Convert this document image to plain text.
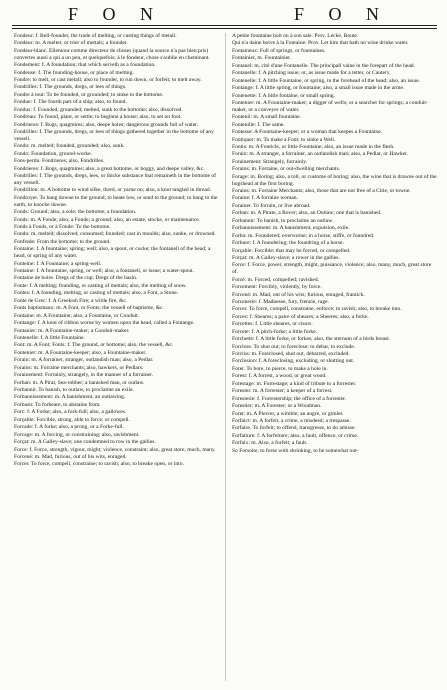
F O N	F O N

Fondeur: f. Bell-founder, the trade of melting, or casting things of metall.

Fondeur: m. A melter, or trier of mettals; a founder.

Fondeur-blanc. Ellemour comme directeur de choses (quand la source n'a pas bien pris) convertes aussi a qui a un peu, et quelquefois; à le fondeur, chose s'oublie en cheminant.

Fondement: f. A foundation; that which serveth as a foundation.

Fondeuse: f. The founding-house, or place of melting.

Fondre: to melt, or cast metall; also to founder, to run down, or forfeit; to melt away.

Fondrilles: f. The grounds, dregs, or lees of things.

Fondre à tout: To be founded, or grounded; to sinke to the bottome.

Fondue: f. The fourth part of a ship; also, to found.

Fondus: f. Founded, grounded; melted, sunk to the bottome; also, dissolved.

Fondreau: To found, plant, or settle; to beginne a house; also, to set on foot.

Fondrieres: f. Bogs, quagmires; also, deepe holes; dangerous grounds full of water.

Fondrilles: f. The grounds, dregs, or lees of things gathered together in the bottome of any vessell.

Fondu: m. melted; founded, grounded; also, sunk.

Fondo: Foundation, ground-worke.

Fons-perdu. Fondrieres; also, Fondrilles.

Fondrieres: f. Bogs, quagmires; also, a great bottome, or boggy, and deepe valley, &c.

Fondrilles: f. The grounds, dregs, lees, or thicke substance that remaineth in the bottome of any vessell.

Fondrillon: m. A bottome to wind silke, thred, or yarne on; also, a knot tangled in thread.

Fondroyer. To bang downe to the ground; to beate low, or send to the ground; to bang to the earth, to knocke downe.

Fonds: Ground; also, a sole; the bottome; a foundation.

Fonds: m. A Fonde; also, a Fonde; a ground; also, an estate, stocke, or maintenance.

Fonds à Fonds, or à Fonde: To the bottome.

Fondu: m. melted; dissolved; consumed; founded; cast in moulds; also, sunke, or drowned.

Fonfrede: From the bottome; to the ground.

Fontaine: f. A fountaine; spring; well; also, a spout, or cocke; the fontanell of the head; a head, or spring of any water.

Fonteine: f. A Fountaine; a spring-well.

Fontaine: f. A fountaine, spring, or well; also, a fontanell, or issue; a water-spout.

Fontaine de boire. Dregs of the cup; Dregs of the basin.

Fonte: f. A melting; founding, or casting of mettals; also, the melting of snow.

Fontes: f. A founding, melting, or casting of mettals; also, a Font, a Stone.

Fonte de Grec: f. A Greekish Fire; a wilde fire, &c.

Fonts baptismaux: m. A Font, or Fonts; the vessell of baptisme, &c.

Fontaine: m. A Fountaine; also, a Fountaine, or Conduit.

Fontange: f. A knot of ribbon worne by women upon the head, called a Fontange.

Fontanier: m. A Fountaine-maker; a Conduit-maker.

Fontenelle: f. A little Fountaine.

Font: m. A Font; Fonts: f. The ground, or bottome; also, the vessell, &c.

Fontenier: m. A Fountaine-keeper; also, a Fountaine-maker.

Forain: m. A forrainer, stranger, outlandish man; also, a Pedlar.

Forains: m. Forraine merchants; also, hawkers, or Pedlars.

Forainement: Forrainly, strangely, in the manner of a forrainer.

Forban: m. A Pirat, Sea-robber; a banished man, or outlaw.

Forbannir. To banish, to outlaw, to proclaime an exile.

Forbannissement: m. A banishment, an outlawing.

Forbasir. To forbeare, to abstaine from.

Forc: f. A Forke; also, a fork-full; also, a gallowes.

Forçable: Forcible, strong, able to force, or compell.

Forcade: f. A forke; also, a prong, or a Forke-full.

Forcage: m. A forcing, or constraining; also, ravishment.

Forçat: m. A Galley-slave; one condemned to row in the gallies.

Force: f. Force, strength, vigour, might; violence, constraint; also, great store, much, many.

Forcené: m. Mad, furious, out of his wits, enraged.

Forcer. To force, compell, constraine; to ravish; also, to breake open, or into.

A petite fountaine boit on à son sale. Prov. Lecke, Boute.

Qui n'a daine boive à la Fontaine: Prov. Let him that hath no wine drinke water.

Fontaineux: Full of springs, or fountaines.

Fontainier, m. Fountainier.

Fontanel: m. cité d'une Fontanelle. The principall vaine in the forepart of the head.

Fontanelle: f. A pitching issue; or, as issue made for a tetter, or Cautery.

Fontenelle: f. A little Fountaine, or spring, in the forehead of the head; also, an issue.

Fontange: f. A little spring, or fountaine; also, a small issue made in the arme.

Fontenette: f. A little fontaine, or small spring.

Fontenier: m. A Fountaine-maker; a digger of wells; or a searcher for springs; a conduit-maker, or a conveyer of water.

Fontenil: m. A small fountaine.

Fontenille: f. The same.

Fontesse: A Fountaine-keeper; or a woman that keepes a Fountaine.

Fontiquer: m. To make a Font; to sinke a Well.

Fontis: m. A Fonticle, or little Fountaine; also, an issue made in the flesh.

Forain: m. A stranger, a forrainer, an outlandish man; also, a Pedlar, or Hawker.

Forainement: Strangely, forrainly.

Forains: m. Forraine, or out-dwelling merchants.

Forage: m. Boring; also, a toll, or custome of boring; also, the wine that is drawne out of the hogshead at the first boring.

Forains: m. Forraine Merchants; also, those that are not free of a Citie, or towne.

Foraine: f. A forraine woman.

Forainer. To forrain, or live abroad.

Forban: m. A Pirate, a Rover; also, an Outlaw; one that is banished.

Forbannir: To banish, to proclaime an outlaw.

Forbannissement: m. A banishment, expulsion, exile.

Forbu: m. Foundered; overworne; in a horse, stiffe, or foundred.

Forbure: f. A foundering; the foundring of a horse.

Forçable: Forcible; that may be forced, or compelled.

Forçat: m. A Galley-slave; a rower in the gallies.

Force: f. Force, power, strength, might, puissance, violence; also, many, much, great store of.

Forcé: m. Forced, compelled; ravished.

Forcement: Forcibly, violently, by force.

Forcené: m. Mad, out of his wits; furious, enraged, frantick.

Forcenerie: f. Madnesse, fury, frenzie, rage.

Forcer. To force, compell, constraine, enforce; to ravish; also, to breake into.

Forces: f. Sheares; a paire of sheares; a Sheeres; also, a forke.

Forcettes: f. Little sheares, or cisors.

Forcete: f. A pitch-forke; a little forke.

Forchette: f. A little forke, or forkes; also, the sternum of a birds breast.

Forclore. To shut out; to foreclose; to debar, to exclude.

Forclos: m. Foreclosed, shut out, debarred, excluded.

Forclusion: f. A foreclosing, excluding, or shutting out.

Forer. To bore, to pierce, to make a hole in.

Forest: f. A forrest, a wood, or great wood.

Forestage: m. Forrestage; a kind of tribute to a forrester.

Forester: m. A forrester; a keeper of a forrest.

Foresterie: f. Forrestership; the office of a forrester.

Forestier: m. A Forester; or a Woodman.

Foret: m. A Piercer, a wimble; an augre, or gimlet.

Forfaict: m. A forfeit, a crime, a misdeed; a trespasse.

Forfaire. To forfeit; to offend, transgresse, to do amisse.

Forfaiture: f. A forfeiture; also, a fault, offence, or crime.

Forfaix: m. Also, a forfeit; a fault.

So Forsoite, to forse with shrinking, to be somewhat out-
